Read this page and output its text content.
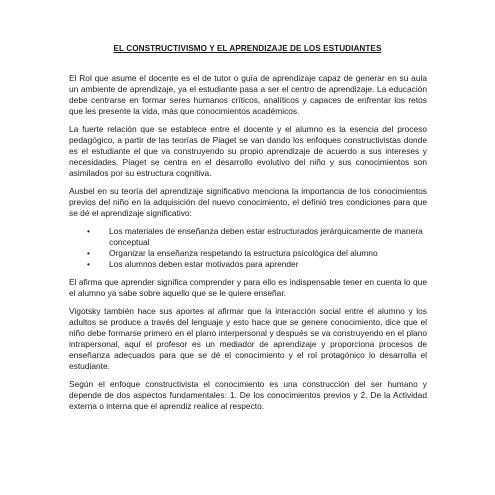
EL CONSTRUCTIVISMO Y EL APRENDIZAJE DE LOS ESTUDIANTES

El Rol que asume el docente es el de tutor o guía de aprendizaje capaz de generar en su aula un ambiente de aprendizaje, ya el estudiante pasa a ser el centro de aprendizaje. La educación debe centrarse en formar seres humanos críticos, analíticos y capaces de enfrentar los retos que les presente la vida, más que conocimientos académicos.

La fuerte relación que se establece entre el docente y el alumno es la esencia del proceso pedagógico, a partir de las teorías de Piaget se van dando los enfoques constructivistas donde es el estudiante el que va construyendo su propio aprendizaje de acuerdo a sus intereses y necesidades. Piaget se centra en el desarrollo evolutivo del niño y sus conocimientos son asimilados por su estructura cognitiva.

Ausbel en su teoría del aprendizaje significativo menciona la importancia de los conocimientos previos del niño en la adquisición del nuevo conocimiento, el definió tres condiciones para que se dé el aprendizaje significativo:

• Los materiales de enseñanza deben estar estructurados jerárquicamente de manera conceptual
• Organizar la enseñanza respetando la estructura psicológica del alumno
• Los alumnos deben estar motivados para aprender

El afirma que aprender significa comprender y para ello es indispensable tener en cuenta lo que el alumno ya sabe sobre aquello que se le quiere enseñar.

Vigotsky también hace sus aportes al afirmar que la interacción social entre el alumno y los adultos se produce a través del lenguaje y esto hace que se genere conocimiento, dice que el niño debe formarse primero en el plano interpersonal y después se va construyendo en el plano intrapersonal, aquí el profesor es un mediador de aprendizaje y proporciona procesos de enseñanza adecuados para que se dé el conocimiento y el rol protagónico lo desarrolla el estudiante.

Según el enfoque constructivista el conocimiento es una construcción del ser humano y depende de dos aspectos fundamentales: 1. De los conocimientos previos y 2. De la Actividad externa o interna que el aprendiz realice al respecto.
